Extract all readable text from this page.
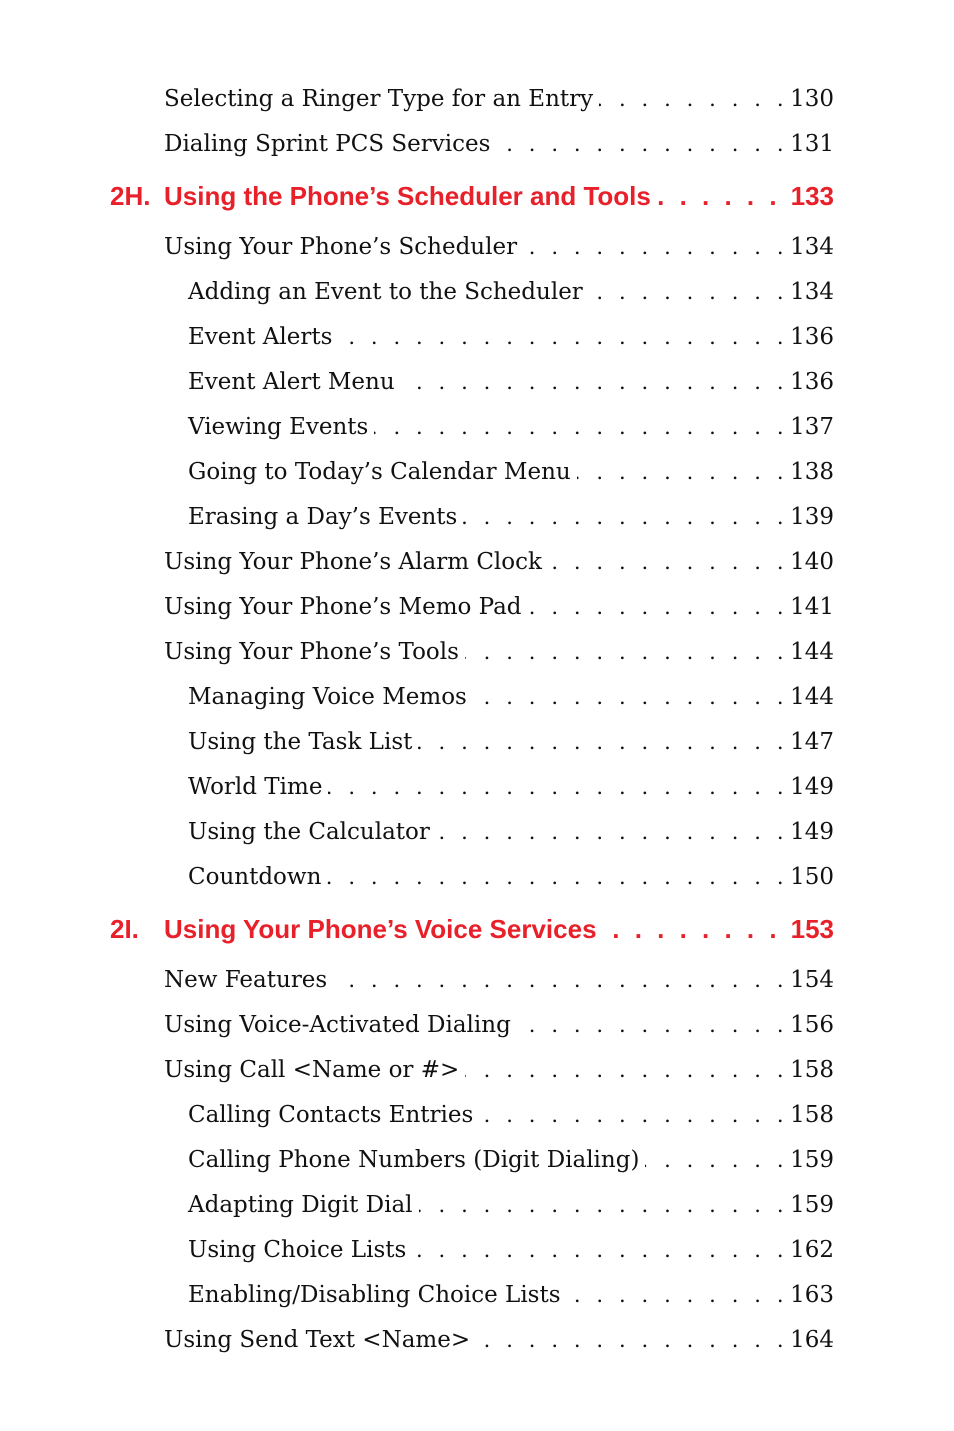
Selecting a Ringer Type for an Entry . . .	130
Dialing Sprint PCS Services . . .	131
2H. Using the Phone’s Scheduler and Tools . . .	133
Using Your Phone’s Scheduler . . .	134
Adding an Event to the Scheduler . . .	134
Event Alerts . . .	136
Event Alert Menu . . .	136
Viewing Events . . .	137
Going to Today’s Calendar Menu . . .	138
Erasing a Day’s Events . . .	139
Using Your Phone’s Alarm Clock . . .	140
Using Your Phone’s Memo Pad . . .	141
Using Your Phone’s Tools . . .	144
Managing Voice Memos . . .	144
Using the Task List . . .	147
World Time . . .	149
Using the Calculator . . .	149
Countdown . . .	150
2I. Using Your Phone’s Voice Services . . .	153
New Features . . .	154
Using Voice-Activated Dialing . . .	156
Using Call <Name or #> . . .	158
Calling Contacts Entries . . .	158
Calling Phone Numbers (Digit Dialing) . . .	159
Adapting Digit Dial . . .	159
Using Choice Lists . . .	162
Enabling/Disabling Choice Lists . . .	163
Using Send Text <Name> . . .	164
